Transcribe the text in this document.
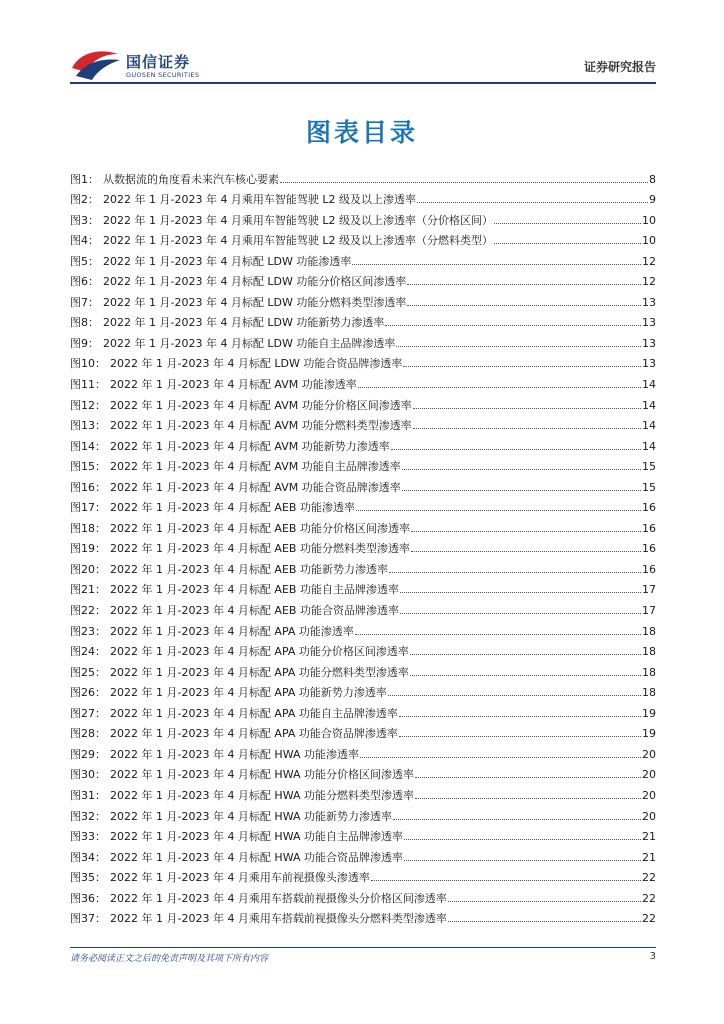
国信证券
GUOSEN SECURITIES
证券研究报告
图表目录
图1： 从数据流的角度看未来汽车核心要素	8
图2： 2022 年 1 月-2023 年 4 月乘用车智能驾驶 L2 级及以上渗透率	9
图3： 2022 年 1 月-2023 年 4 月乘用车智能驾驶 L2 级及以上渗透率（分价格区间）	10
图4： 2022 年 1 月-2023 年 4 月乘用车智能驾驶 L2 级及以上渗透率（分燃料类型）	10
图5： 2022 年 1 月-2023 年 4 月标配 LDW 功能渗透率	12
图6： 2022 年 1 月-2023 年 4 月标配 LDW 功能分价格区间渗透率	12
图7： 2022 年 1 月-2023 年 4 月标配 LDW 功能分燃料类型渗透率	13
图8： 2022 年 1 月-2023 年 4 月标配 LDW 功能新势力渗透率	13
图9： 2022 年 1 月-2023 年 4 月标配 LDW 功能自主品牌渗透率	13
图10： 2022 年 1 月-2023 年 4 月标配 LDW 功能合资品牌渗透率	13
图11： 2022 年 1 月-2023 年 4 月标配 AVM 功能渗透率	14
图12： 2022 年 1 月-2023 年 4 月标配 AVM 功能分价格区间渗透率	14
图13： 2022 年 1 月-2023 年 4 月标配 AVM 功能分燃料类型渗透率	14
图14： 2022 年 1 月-2023 年 4 月标配 AVM 功能新势力渗透率	14
图15： 2022 年 1 月-2023 年 4 月标配 AVM 功能自主品牌渗透率	15
图16： 2022 年 1 月-2023 年 4 月标配 AVM 功能合资品牌渗透率	15
图17： 2022 年 1 月-2023 年 4 月标配 AEB 功能渗透率	16
图18： 2022 年 1 月-2023 年 4 月标配 AEB 功能分价格区间渗透率	16
图19： 2022 年 1 月-2023 年 4 月标配 AEB 功能分燃料类型渗透率	16
图20： 2022 年 1 月-2023 年 4 月标配 AEB 功能新势力渗透率	16
图21： 2022 年 1 月-2023 年 4 月标配 AEB 功能自主品牌渗透率	17
图22： 2022 年 1 月-2023 年 4 月标配 AEB 功能合资品牌渗透率	17
图23： 2022 年 1 月-2023 年 4 月标配 APA 功能渗透率	18
图24： 2022 年 1 月-2023 年 4 月标配 APA 功能分价格区间渗透率	18
图25： 2022 年 1 月-2023 年 4 月标配 APA 功能分燃料类型渗透率	18
图26： 2022 年 1 月-2023 年 4 月标配 APA 功能新势力渗透率	18
图27： 2022 年 1 月-2023 年 4 月标配 APA 功能自主品牌渗透率	19
图28： 2022 年 1 月-2023 年 4 月标配 APA 功能合资品牌渗透率	19
图29： 2022 年 1 月-2023 年 4 月标配 HWA 功能渗透率	20
图30： 2022 年 1 月-2023 年 4 月标配 HWA 功能分价格区间渗透率	20
图31： 2022 年 1 月-2023 年 4 月标配 HWA 功能分燃料类型渗透率	20
图32： 2022 年 1 月-2023 年 4 月标配 HWA 功能新势力渗透率	20
图33： 2022 年 1 月-2023 年 4 月标配 HWA 功能自主品牌渗透率	21
图34： 2022 年 1 月-2023 年 4 月标配 HWA 功能合资品牌渗透率	21
图35： 2022 年 1 月-2023 年 4 月乘用车前视摄像头渗透率	22
图36： 2022 年 1 月-2023 年 4 月乘用车搭载前视摄像头分价格区间渗透率	22
图37： 2022 年 1 月-2023 年 4 月乘用车搭载前视摄像头分燃料类型渗透率	22
请务必阅读正文之后的免责声明及其项下所有内容	3
